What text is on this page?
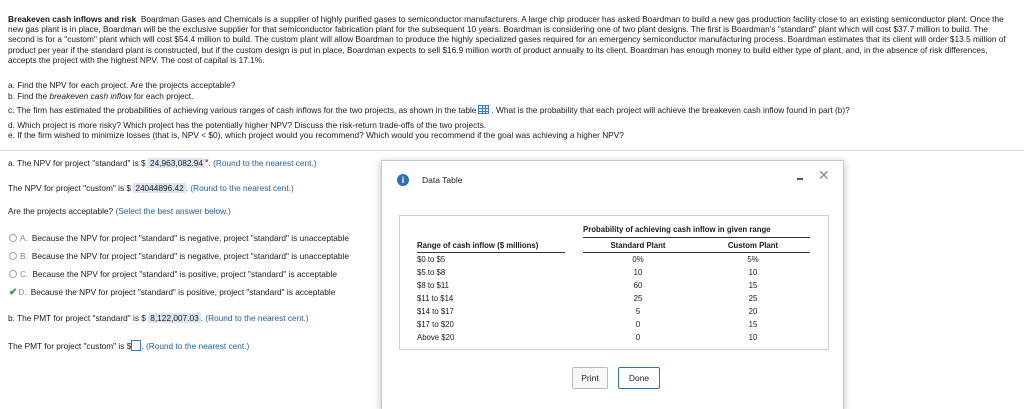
Breakeven cash inflows and risk Boardman Gases and Chemicals is a supplier of highly purified gases to semiconductor manufacturers. A large chip producer has asked Boardman to build a new gas production facility close to an existing semiconductor plant. Once the new gas plant is in place, Boardman will be the exclusive supplier for that semiconductor fabrication plant for the subsequent 10 years. Boardman is considering one of two plant designs. The first is Boardman's "standard" plant which will cost $37.7 million to build. The second is for a "custom" plant which will cost $54.4 million to build. The custom plant will allow Boardman to produce the highly specialized gases required for an emergency semiconductor manufacturing process. Boardman estimates that its client will order $13.5 million of product per year if the standard plant is constructed, but if the custom design is put in place, Boardman expects to sell $16.9 million worth of product annually to its client. Boardman has enough money to build either type of plant, and, in the absence of risk differences, accepts the project with the highest NPV. The cost of capital is 17.1%.
a. Find the NPV for each project. Are the projects acceptable?
b. Find the breakeven cash inflow for each project.
c. The firm has estimated the probabilities of achieving various ranges of cash inflows for the two projects, as shown in the table . What is the probability that each project will achieve the breakeven cash inflow found in part (b)?
d. Which project is more risky? Which project has the potentially higher NPV? Discuss the risk-return trade-offs of the two projects.
e. If the firm wished to minimize losses (that is, NPV < $0), which project would you recommend? Which would you recommend if the goal was achieving a higher NPV?
a. The NPV for project "standard" is $ 24,963,082.94 ▾. (Round to the nearest cent.)
The NPV for project "custom" is $ 24044896.42 . (Round to the nearest cent.)
Are the projects acceptable? (Select the best answer below.)
A. Because the NPV for project "standard" is negative, project "standard" is unacceptable
B. Because the NPV for project "standard" is negative, project "standard" is unacceptable
C. Because the NPV for project "standard" is positive, project "standard" is acceptable
✔D. Because the NPV for project "standard" is positive, project "standard" is acceptable
b. The PMT for project "standard" is $ 8,122,007.03 . (Round to the nearest cent.)
The PMT for project "custom" is $ . (Round to the nearest cent.)
i	Data Table	✕
Probability of achieving cash inflow in given range
Range of cash inflow ($ millions)	Standard Plant	Custom Plant
$0 to $5	0%	5%
$5 to $8	10	10
$8 to $11	60	15
$11 to $14	25	25
$14 to $17	5	20
$17 to $20	0	15
Above $20	0	10
Print	Done
